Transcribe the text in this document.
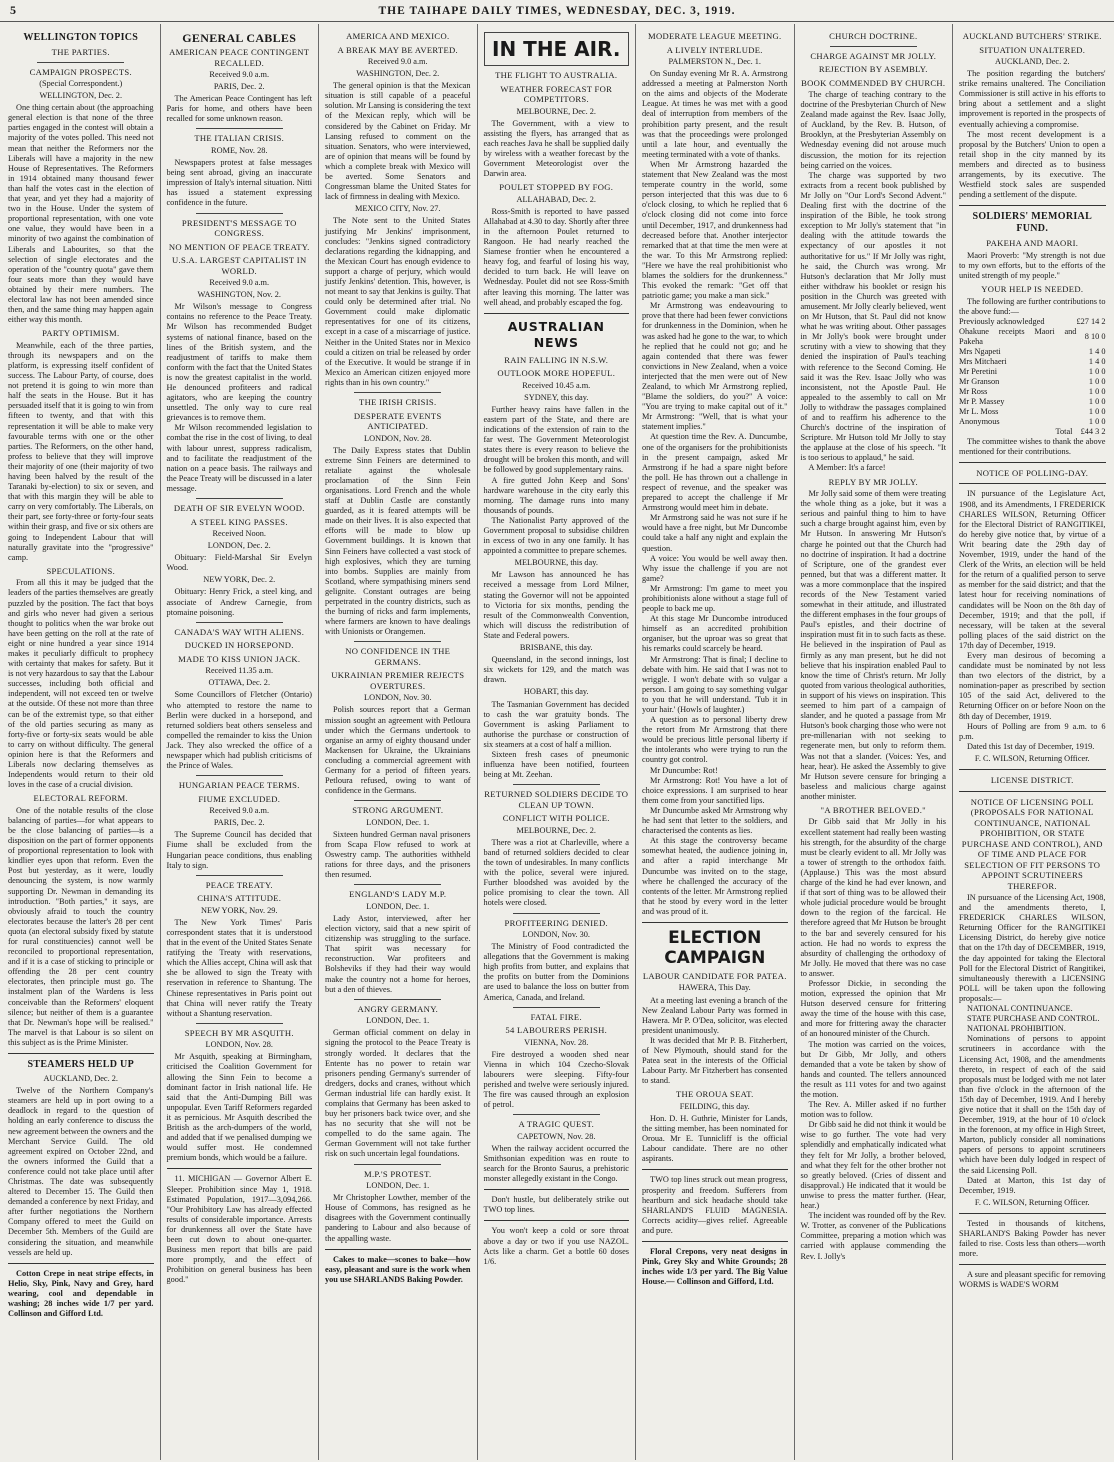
5	THE TAIHAPE DAILY TIMES, WEDNESDAY, DEC. 3, 1919.
WELLINGTON TOPICS
THE PARTIES.
CAMPAIGN PROSPECTS.
(Special Correspondent.)
WELLINGTON, Dec. 2.

One thing certain about (the approaching general election is that none of the three parties engaged in the contest will obtain a majority of the votes polled. This need not mean that neither the Reformers nor the Liberals will have a majority in the new House of Representatives. The Reformers in 1914 obtained many thousand fewer than half the votes cast in the election of that year, and yet they had a majority of two in the House. Under the system of proportional representation, with one vote one value, they would have been in a minority of two against the combination of Liberals and Labourites, so that the selection of single electorates and the operation of the "country quota" gave them four seats more than they would have obtained by their mere numbers. The electoral law has not been amended since then, and the same thing may happen again either way this month.

PARTY OPTIMISM.

Meanwhile, each of the three parties, through its newspapers and on the platform, is expressing itself confident of success. The Labour Party, of course, does not pretend it is going to win more than half the seats in the House. But it has persuaded itself that it is going to win from fifteen to twenty, and that with this representation it will be able to make very favourable terms with one or the other parties. The Reformers, on the other hand, profess to believe that they will improve their majority of one (their majority of two having been halved by the result of the Taranaki by-election) to six or seven, and that with this margin they will be able to carry on very comfortably. The Liberals, on their part, see forty-three or forty-four seats within their grasp, and five or six others are going to Independent Labour that will naturally gravitate into the "progressive" camp.

SPECULATIONS.

From all this it may be judged that the leaders of the parties themselves are greatly puzzled by the position. The fact that boys and girls who never had given a serious thought to politics when the war broke out have been getting on the roll at the rate of eight or nine hundred a year since 1914 makes it peculiarly difficult to prophecy with certainty that makes for safety. But it is not very hazardous to say that the Labour successes, including both official and independent, will not exceed ten or twelve at the outside. Of these not more than three can be of the extremist type, so that either of the old parties securing as many as forty-five or forty-six seats would be able to carry on without difficulty. The general opinion here is that the Reformers and Liberals now declaring themselves as Independents would return to their old loves in the case of a crucial division.

ELECTORAL REFORM.

One of the notable results of the close balancing of parties—for what appears to be the close balancing of parties—is a disposition on the part of former opponents of proportional representation to look with kindlier eyes upon that reform. Even the Post but yesterday, as it were, loudly denouncing the system, is now warmly supporting Dr. Newman in demanding its introduction. "Both parties," it says, are obviously afraid to touch the country electorates because the latter's 28 per cent quota (an electoral subsidy fixed by statute for rural constituencies) cannot well be reconciled to proportional representation, and if it is a case of sticking to principle or offending the 28 per cent country electorates, then principle must go. The instalment plan of the Wardens is less conceivable than the Reformers' eloquent silence; but neither of them is a guarantee that Dr. Newman's hope will be realised." The marvel is that Labour is so silent on this subject as is the Prime Minister.

STEAMERS HELD UP
AUCKLAND, Dec. 2.

Twelve of the Northern Company's steamers are held up in port owing to a deadlock in regard to the question of holding an early conference to discuss the new agreement between the owners and the Merchant Service Guild. The old agreement expired on October 22nd, and the owners informed the Guild that a conference could not take place until after Christmas. The date was subsequently altered to December 15. The Guild then demanded a conference by next Friday, and after further negotiations the Northern Company offered to meet the Guild on December 5th. Members of the Guild are considering the situation, and meanwhile vessels are held up.

Cotton Crepe in neat stripe effects, in Helio, Sky, Pink, Navy and Grey, hard wearing, cool and dependable in washing; 28 inches wide 1/7 per yard. Collinson and Gifford Ltd.

GENERAL CABLES
AMERICAN PEACE CONTINGENT RECALLED.
Received 9.0 a.m.
PARIS, Dec. 2.

The American Peace Contingent has left Paris for home, and others have been recalled for some unknown reason.

THE ITALIAN CRISIS.
ROME, Nov. 28.

Newspapers protest at false messages being sent abroad, giving an inaccurate impression of Italy's internal situation. Nitti has issued a statement expressing confidence in the future.

PRESIDENT'S MESSAGE TO CONGRESS.
NO MENTION OF PEACE TREATY.
U.S.A. LARGEST CAPITALIST IN WORLD.
Received 9.0 a.m.
WASHINGTON, Nov. 2.

Mr Wilson's message to Congress contains no reference to the Peace Treaty. Mr Wilson has recommended Budget systems of national finance, based on the lines of the British system, and the readjustment of tariffs to make them conform with the fact that the United States is now the greatest capitalist in the world. He denounced profiteers and radical agitators, who are keeping the country unsettled. The only way to cure real grievances is to remove them.

Mr Wilson recommended legislation to combat the rise in the cost of living, to deal with labour unrest, suppress radicalism, and to facilitate the readjustment of the nation on a peace basis. The railways and the Peace Treaty will be discussed in a later message.

DEATH OF SIR EVELYN WOOD.
A STEEL KING PASSES.
Received Noon.
LONDON, Dec. 2.

Obituary: Field-Marshal Sir Evelyn Wood.

NEW YORK, Dec. 2.

Obituary: Henry Frick, a steel king, and associate of Andrew Carnegie, from ptomaine poisoning.

CANADA'S WAY WITH ALIENS.
DUCKED IN HORSEPOND.
MADE TO KISS UNION JACK.
Received 11.35 a.m.
OTTAWA, Dec. 2.

Some Councillors of Fletcher (Ontario) who attempted to restore the name to Berlin were ducked in a horsepond, and returned soldiers beat others senseless and compelled the remainder to kiss the Union Jack. They also wrecked the office of a newspaper which had publish criticisms of the Prince of Wales.

HUNGARIAN PEACE TERMS.
FIUME EXCLUDED.
Received 9.0 a.m.
PARIS, Dec. 2.

The Supreme Council has decided that Fiume shall be excluded from the Hungarian peace conditions, thus enabling Italy to sign.

PEACE TREATY.
CHINA'S ATTITUDE.
NEW YORK, Nov. 29.

The New York Times' Paris correspondent states that it is understood that in the event of the United States Senate ratifying the Treaty with reservations, which the Allies accept, China will ask that she be allowed to sign the Treaty with reservation in reference to Shantung. The Chinese representatives in Paris point out that China will never ratify the Treaty without a Shantung reservation.

SPEECH BY MR ASQUITH.
LONDON, Nov. 28.

Mr Asquith, speaking at Birmingham, criticised the Coalition Government for allowing the Sinn Fein to become a dominant factor in Irish national life. He said that the Anti-Dumping Bill was unpopular. Even Tariff Reformers regarded it as pernicious. Mr Asquith described the British as the arch-dumpers of the world, and added that if we penalised dumping we would suffer most. He condemned premium bonds, which would be a failure.

11. MICHIGAN — Governor Albert E. Sleeper. Prohibition since May 1, 1918. Estimated Population, 1917—3,094,266. "Our Prohibitory Law has already effected results of considerable importance. Arrests for drunkenness all over the State have been cut down to about one-quarter. Business men report that bills are paid more promptly, and the effect of Prohibition on general business has been good."

AMERICA AND MEXICO.
A BREAK MAY BE AVERTED.
Received 9.0 a.m.
WASHINGTON, Dec. 2.

The general opinion is that the Mexican situation is still capable of a peaceful solution. Mr Lansing is considering the text of the Mexican reply, which will be considered by the Cabinet on Friday. Mr Lansing refused to comment on the situation. Senators, who were interviewed, are of opinion that means will be found by which a complete break with Mexico will be averted. Some Senators and Congressman blame the United States for lack of firmness in dealing with Mexico.

MEXICO CITY, Nov. 27.

The Note sent to the United States justifying Mr Jenkins' imprisonment, concludes: "Jenkins signed contradictory declarations regarding the kidnapping, and the Mexican Court has enough evidence to support a charge of perjury, which would justify Jenkins' detention. This, however, is not meant to say that Jenkins is guilty. That could only be determined after trial. No Government could make diplomatic representatives for one of its citizens, except in a case of a miscarriage of justice. Neither in the United States nor in Mexico could a citizen on trial be released by order of the Executive. It would be strange if in Mexico an American citizen enjoyed more rights than in his own country."

THE IRISH CRISIS.
DESPERATE EVENTS ANTICIPATED.
LONDON, Nov. 28.

The Daily Express states that Dublin extreme Sinn Feiners are determined to retaliate against the wholesale proclamation of the Sinn Fein organisations. Lord French and the whole staff at Dublin Castle are constantly guarded, as it is feared attempts will be made on their lives. It is also expected that efforts will be made to blow up Government buildings. It is known that Sinn Feiners have collected a vast stock of high explosives, which they are turning into bombs. Supplies are mainly from Scotland, where sympathising miners send gelignite. Constant outrages are being perpetrated in the country districts, such as the burning of ricks and farm implements, where farmers are known to have dealings with Unionists or Orangemen.

NO CONFIDENCE IN THE GERMANS.
UKRAINIAN PREMIER REJECTS OVERTURES.
LONDON, Nov. 30.

Polish sources report that a German mission sought an agreement with Petloura under which the Germans undertook to organise an army of eighty thousand under Mackensen for Ukraine, the Ukrainians concluding a commercial agreement with Germany for a period of fifteen years. Petloura refused, owing to want of confidence in the Germans.

STRONG ARGUMENT.
LONDON, Dec. 1.

Sixteen hundred German naval prisoners from Scapa Flow refused to work at Oswestry camp. The authorities withheld rations for three days, and the prisoners then resumed.

ENGLAND'S LADY M.P.
LONDON, Dec. 1.

Lady Astor, interviewed, after her election victory, said that a new spirit of citizenship was struggling to the surface. That spirit was necessary for reconstruction. War profiteers and Bolsheviks if they had their way would make the country not a home for heroes, but a den of thieves.

ANGRY GERMANY.
LONDON, Dec. 1.

German official comment on delay in signing the protocol to the Peace Treaty is strongly worded. It declares that the Entente has no power to retain war prisoners pending Germany's surrender of dredgers, docks and cranes, without which German industrial life can hardly exist. It complains that Germany has been asked to buy her prisoners back twice over, and she has no security that she will not be compelled to do the same again. The German Government will not take further risk on such uncertain legal foundations.

M.P.'S PROTEST.
LONDON, Dec. 1.

Mr Christopher Lowther, member of the House of Commons, has resigned as he disagrees with the Government continually pandering to Labour and also because of the appalling waste.

Cakes to make—scones to bake—how easy, pleasant and sure is the work when you use SHARLANDS Baking Powder.

IN THE AIR.
THE FLIGHT TO AUSTRALIA.
WEATHER FORECAST FOR COMPETITORS.
MELBOURNE, Dec. 2.

The Government, with a view to assisting the flyers, has arranged that as each reaches Java he shall be supplied daily by wireless with a weather forecast by the Government Meteorologist over the Darwin area.

POULET STOPPED BY FOG.
ALLAHABAD, Dec. 2.

Ross-Smith is reported to have passed Allahabad at 4.30 to day. Shortly after three in the afternoon Poulet returned to Rangoon. He had nearly reached the Siamese frontier when he encountered a heavy fog, and fearful of losing his way, decided to turn back. He will leave on Wednesday. Poulet did not see Ross-Smith after leaving this morning. The latter was well ahead, and probably escaped the fog.

AUSTRALIAN NEWS
RAIN FALLING IN N.S.W.
OUTLOOK MORE HOPEFUL.
Received 10.45 a.m.
SYDNEY, this day.

Further heavy rains have fallen in the eastern part of the State, and there are indications of the extension of rain to the far west. The Government Meteorologist states there is every reason to believe the drought will be broken this month, and will be followed by good supplementary rains.

A fire gutted John Keep and Sons' hardware warehouse in the city early this morning. The damage runs into many thousands of pounds.

The Nationalist Party approved of the Government proposal to subsidise children in excess of two in any one family. It has appointed a committee to prepare schemes.

MELBOURNE, this day.

Mr Lawson has announced he has received a message from Lord Milner, stating the Governor will not be appointed to Victoria for six months, pending the result of the Commonwealth Convention, which will discuss the redistribution of State and Federal powers.

BRISBANE, this day.

Queensland, in the second innings, lost six wickets for 129, and the match was drawn.

HOBART, this day.

The Tasmanian Government has decided to cash the war gratuity bonds. The Government is asking Parliament to authorise the purchase or construction of six steamers at a cost of half a million.

Sixteen fresh cases of pneumonic influenza have been notified, fourteen being at Mt. Zeehan.

RETURNED SOLDIERS DECIDE TO CLEAN UP TOWN.
CONFLICT WITH POLICE.
MELBOURNE, Dec. 2.

There was a riot at Charleville, where a band of returned soldiers decided to clear the town of undesirables. In many conflicts with the police, several were injured. Further bloodshed was avoided by the police promising to clear the town. All hotels were closed.

PROFITEERING DENIED.
LONDON, Nov. 30.

The Ministry of Food contradicted the allegations that the Government is making high profits from butter, and explains that the profits on butter from the Dominions are used to balance the loss on butter from America, Canada, and Ireland.

FATAL FIRE.
54 LABOURERS PERISH.
VIENNA, Nov. 28.

Fire destroyed a wooden shed near Vienna in which 104 Czecho-Slovak labourers were sleeping. Fifty-four perished and twelve were seriously injured. The fire was caused through an explosion of petrol.

A TRAGIC QUEST.
CAPETOWN, Nov. 28.

When the railway accident occurred the Smithsonian expedition was en route to search for the Bronto Saurus, a prehistoric monster allegedly existant in the Congo.

Don't hustle, but deliberately strike out TWO top lines.

You won't keep a cold or sore throat above a day or two if you use NAZOL. Acts like a charm. Get a bottle 60 doses 1/6.

MODERATE LEAGUE MEETING.
A LIVELY INTERLUDE.
PALMERSTON N., Dec. 1.

On Sunday evening Mr R. A. Armstrong addressed a meeting at Palmerston North on the aims and objects of the Moderate League. At times he was met with a good deal of interruption from members of the prohibition party present, and the result was that the proceedings were prolonged until a late hour, and eventually the meeting terminated with a vote of thanks.

When Mr Armstrong hazarded the statement that New Zealand was the most temperate country in the world, some person interjected that this was due to 6 o'clock closing, to which he replied that 6 o'clock closing did not come into force until December, 1917, and drunkenness had decreased before that. Another interjector remarked that at that time the men were at the war. To this Mr Armstrong replied: "Here we have the real prohibitionist who blames the soldiers for the drunkenness." This evoked the remark: "Get off that patriotic game; you make a man sick."

Mr Armstrong was endeavouring to prove that there had been fewer convictions for drunkenness in the Dominion, when he was asked had he gone to the war, to which he replied that he could not go; and he again contended that there was fewer convictions in New Zealand, when a voice interjected that the men were out of New Zealand, to which Mr Armstrong replied, "Blame the soldiers, do you?" A voice: "You are trying to make capital out of it." Mr Armstrong: "Well, that is what your statement implies."

At question time the Rev. A. Duncumbe, one of the organisers for the prohibitionists in the present campaign, asked Mr Armstrong if he had a spare night before the poll. He has thrown out a challenge in respect of revenue, and the speaker was prepared to accept the challenge if Mr Armstrong would meet him in debate.

Mr Armstrong said he was not sure if he would have a free night, but Mr Duncombe could take a half any night and explain the question.

A voice: You would be well away then. Why issue the challenge if you are not game?

Mr Armstrong: I'm game to meet you prohibitionists alone without a stage full of people to back me up.

At this stage Mr Duncombe introduced himself as an accredited prohibition organiser, but the uproar was so great that his remarks could scarcely be heard.

Mr Armstrong: That is final; I decline to debate with him. He said that I was not to wriggle. I won't debate with so vulgar a person. I am going to say something vulgar to you that he will understand. 'Tub it in your hair.' (Howls of laughter.)

A question as to personal liberty drew the retort from Mr Armstrong that there would be precious little personal liberty if the intolerants who were trying to run the country got control.

Mr Duncumbe: Rot!

Mr Armstrong: Rot! You have a lot of choice expressions. I am surprised to hear them come from your sanctified lips.

Mr Duncumbe asked Mr Armstrong why he had sent that letter to the soldiers, and characterised the contents as lies.

At this stage the controversy became somewhat heated, the audience joining in, and after a rapid interchange Mr Duncumbe was invited on to the stage, where he challenged the accuracy of the contents of the letter. Mr Armstrong replied that he stood by every word in the letter and was proud of it.

ELECTION CAMPAIGN
LABOUR CANDIDATE FOR PATEA.
HAWERA, This Day.

At a meeting last evening a branch of the New Zealand Labour Party was formed in Hawera. Mr P. O'Dea, solicitor, was elected president unanimously.

It was decided that Mr P. B. Fitzherbert, of New Plymouth, should stand for the Patea seat in the interests of the Official Labour Party. Mr Fitzherbert has consented to stand.

THE OROUA SEAT.
FEILDING, this day.

Hon. D. H. Guthrie, Minister for Lands, the sitting member, has been nominated for Oroua. Mr E. Tunnicliff is the official Labour candidate. There are no other aspirants.

TWO top lines struck out mean progress, prosperity and freedom. Sufferers from heartburn and sick headache should take SHARLAND'S FLUID MAGNESIA. Corrects acidity—gives relief. Agreeable and pure.

Floral Crepons, very neat designs in Pink, Grey Sky and White Grounds; 28 inches wide 1/3 per yard. The Big Value House.— Collinson and Gifford, Ltd.

CHURCH DOCTRINE.
CHARGE AGAINST MR JOLLY.
REJECTION BY ASEMBLY.
BOOK COMMENDED BY CHURCH.

The charge of teaching contrary to the doctrine of the Presbyterian Church of New Zealand made against the Rev. Isaac Jolly, of Auckland, by the Rev. B. Hutson, of Brooklyn, at the Presbyterian Assembly on Wednesday evening did not arouse much discussion, the motion for its rejection being carried on the voices.

The charge was supported by two extracts from a recent book published by Mr Jolly on "Our Lord's Second Advent." Dealing first with the doctrine of the inspiration of the Bible, he took strong exception to Mr Jolly's statement that "in dealing with the attitude towards the expectancy of our apostles it not authoritative for us." If Mr Jolly was right, he said, the Church was wrong. Mr Hutson's declaration that Mr Jolly must either withdraw his booklet or resign his position in the Church was greeted with amusement. Mr Jolly clearly believed, went on Mr Hutson, that St. Paul did not know what he was writing about. Other passages in Mr Jolly's book were brought under scrutiny with a view to showing that they denied the inspiration of Paul's teaching with reference to the Second Coming. He said it was the Rev. Isaac Jolly who was inconsistent, not the Apostle Paul. He appealed to the assembly to call on Mr Jolly to withdraw the passages complained of and to reaffirm his adherence to the Church's doctrine of the inspiration of Scripture. Mr Hutson told Mr Jolly to stay the applause at the close of his speech. "It is too serious to applaud," he said.

A Member: It's a farce!

REPLY BY MR JOLLY.

Mr Jolly said some of them were treating the whole thing as a joke, but it was a serious and painful thing to him to have such a charge brought against him, even by Mr Hutson. In answering Mr Hutson's charge he pointed out that the Church had no doctrine of inspiration. It had a doctrine of Scripture, one of the grandest ever penned, but that was a different matter. It was a more commonplace that the inspired records of the New Testament varied somewhat in their attitude, and illustrated the different emphases in the four groups of Paul's epistles, and their doctrine of inspiration must fit in to such facts as these. He believed in the inspiration of Paul as firmly as any man present, but he did not believe that his inspiration enabled Paul to know the time of Christ's return. Mr Jolly quoted from various theological authorities, in support of his views on inspiration. This seemed to him part of a campaign of slander, and he quoted a passage from Mr Hutson's book charging those who were not pre-millenarian with not seeking to regenerate men, but only to reform them. Was not that a slander. (Voices: Yes, and hear, hear). He asked the Assembly to give Mr Hutson severe censure for bringing a baseless and malicious charge against another minister.

"A BROTHER BELOVED."

Dr Gibb said that Mr Jolly in his excellent statement had really been wasting his strength, for the absurdity of the charge must be clearly evident to all. Mr Jolly was a tower of strength to the orthodox faith. (Applause.) This was the most absurd charge of the kind he had ever known, and if that sort of thing was to be allowed their whole judicial procedure would be brought down to the region of the farcical. He therefore agreed that Mr Hutson be brought to the bar and severely censured for his action. He had no words to express the absurdity of challenging the orthodoxy of Mr Jolly. He moved that there was no case to answer.

Professor Dickie, in seconding the motion, expressed the opinion that Mr Hutson deserved censure for frittering away the time of the house with this case, and more for frittering away the character of an honoured minister of the Church.

The motion was carried on the voices, but Dr Gibb, Mr Jolly, and others demanded that a vote be taken by show of hands and counted. The tellers announced the result as 111 votes for and two against the motion.

The Rev. A. Miller asked if no further motion was to follow.

Dr Gibb said he did not think it would be wise to go further. The vote had very splendidly and emphatically indicated what they felt for Mr Jolly, a brother beloved, and what they felt for the other brother not so greatly beloved. (Cries of dissent and disapproval.) He indicated that it would be unwise to press the matter further. (Hear, hear.)

The incident was rounded off by the Rev. W. Trotter, as convener of the Publications Committee, preparing a motion which was carried with applause commending the Rev. I. Jolly's

AUCKLAND BUTCHERS' STRIKE.
SITUATION UNALTERED.
AUCKLAND, Dec. 2.

The position regarding the butchers' strike remains unaltered. The Conciliation Commissioner is still active in his efforts to bring about a settlement and a slight improvement is reported in the prospects of eventually achieving a compromise.

The most recent development is a proposal by the Butchers' Union to open a retail shop in the city manned by its members and directed as to business arrangements, by its executive. The Westfield stock sales are suspended pending a settlement of the dispute.

SOLDIERS' MEMORIAL FUND.
PAKEHA AND MAORI.

Maori Proverb: "My strength is not due to my own efforts, but to the efforts of the united strength of my people."

YOUR HELP IS NEEDED.

The following are further contributions to the above fund:—

Previously acknowledged	£27 14 2
Ohakune receipts Maori and Pakeha	8 10 0
Mrs Ngapeti	1 4 0
Mrs Mitchaeri	1 4 0
Mr Peretini	1 0 0
Mr Granson	1 0 0
Mr Ross	1 0 0
Mr P. Massey	1 0 0
Mr L. Moss	1 0 0
Anonymous	1 0 0
Total	£44 3 2

The committee wishes to thank the above mentioned for their contributions.

NOTICE OF POLLING-DAY.

IN pursuance of the Legislature Act, 1908, and its Amendments, I FREDERICK CHARLES WILSON, Returning Officer for the Electoral District of RANGITIKEI, do hereby give notice that, by virtue of a Writ bearing date the 29th day of November, 1919, under the hand of the Clerk of the Writs, an election will be held for the return of a qualified person to serve as member for the said district; and that the latest hour for receiving nominations of candidates will be Noon on the 8th day of December, 1919; and that the poll, if necessary, will be taken at the several polling places of the said district on the 17th day of December, 1919.

Every man desirous of becoming a candidate must be nominated by not less than two electors of the district, by a nomination-paper as prescribed by section 105 of the said Act, delivered to the Returning Officer on or before Noon on the 8th day of December, 1919.

Hours of Polling are from 9 a.m. to 6 p.m.

Dated this 1st day of December, 1919.

F. C. WILSON, Returning Officer.
LICENSE DISTRICT.
NOTICE OF LICENSING POLL (PROPOSALS FOR NATIONAL CONTINUANCE, NATIONAL PROHIBITION, OR STATE PURCHASE AND CONTROL), AND OF TIME AND PLACE FOR SELECTION OF FIT PERSONS TO APPOINT SCRUTINEERS THEREFOR.

IN pursuance of the Licensing Act, 1908, and the amendments thereto, I, FREDERICK CHARLES WILSON, Returning Officer for the RANGITIKEI Licensing District, do hereby give notice that on the 17th day of DECEMBER, 1919, the day appointed for taking the Electoral Poll for the Electoral District of Rangitikei, simultaneously therewith a LICENSING POLL will be taken upon the following proposals:—

NATIONAL CONTINUANCE.

STATE PURCHASE AND CONTROL.

NATIONAL PROHIBITION.

Nominations of persons to appoint scrutineers in accordance with the Licensing Act, 1908, and the amendments thereto, in respect of each of the said proposals must be lodged with me not later than five o'clock in the afternoon of the 15th day of December, 1919. And I hereby give notice that it shall on the 15th day of December, 1919, at the hour of 10 o'clock in the forenoon, at my office in High Street, Marton, publicly consider all nominations papers of persons to appoint scrutineers which have been duly lodged in respect of the said Licensing Poll.

Dated at Marton, this 1st day of December, 1919.

F. C. WILSON, Returning Officer.

Tested in thousands of kitchens, SHARLAND'S Baking Powder has never failed to rise. Costs less than others—worth more.

A sure and pleasant specific for removing WORMS is WADE'S WORM
